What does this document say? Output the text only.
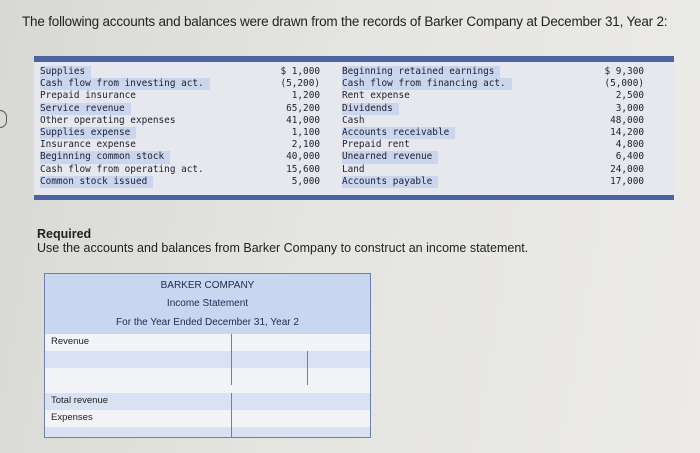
The following accounts and balances were drawn from the records of Barker Company at December 31, Year 2:
Supplies
Cash flow from investing act.
Prepaid insurance
Service revenue
Other operating expenses
Supplies expense
Insurance expense
Beginning common stock
Cash flow from operating act.
Common stock issued
$ 1,000
(5,200)
1,200
65,200
41,000
1,100
2,100
40,000
15,600
5,000
Beginning retained earnings
Cash flow from financing act.
Rent expense
Dividends
Cash
Accounts receivable
Prepaid rent
Unearned revenue
Land
Accounts payable
$ 9,300
(5,000)
2,500
3,000
48,000
14,200
4,800
6,400
24,000
17,000
Required
Use the accounts and balances from Barker Company to construct an income statement.
BARKER COMPANY
Income Statement
For the Year Ended December 31, Year 2
Revenue
Total revenue
Expenses
